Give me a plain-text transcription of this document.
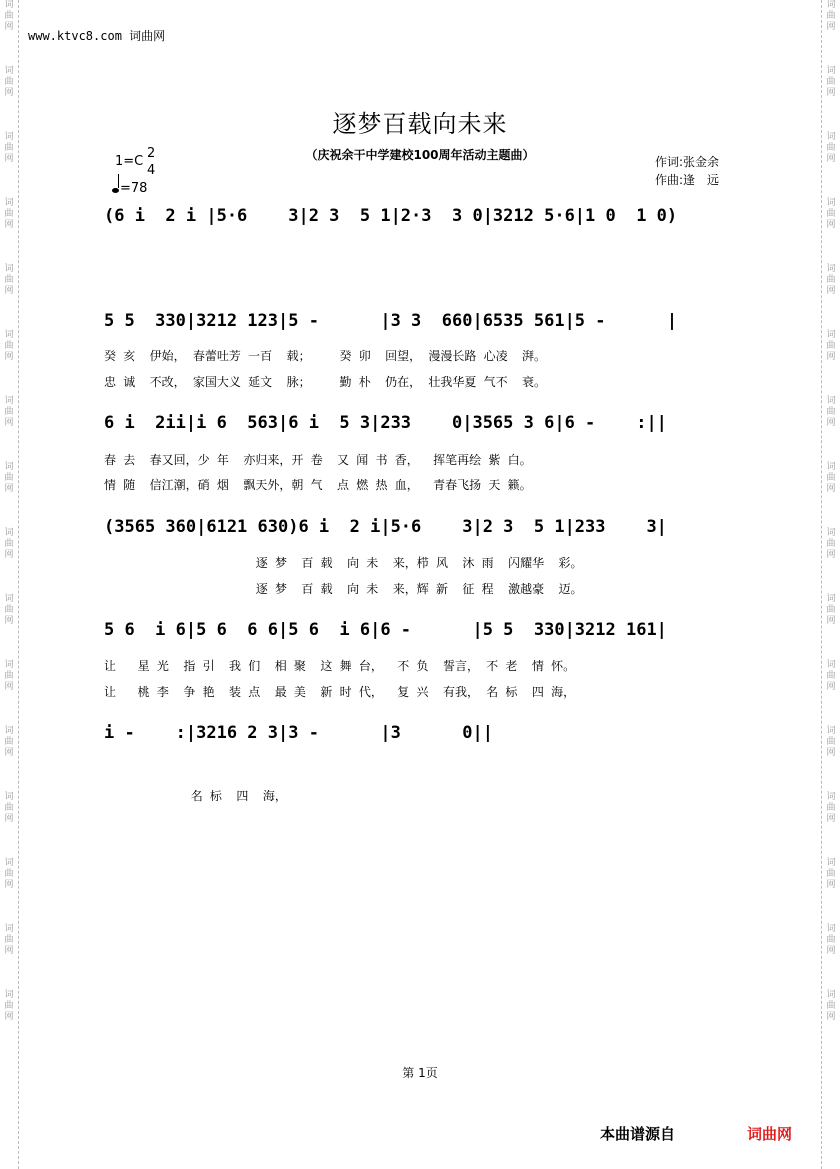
词
曲
网

词
曲
网

词
曲
网

词
曲
网

词
曲
网

词
曲
网

词
曲
网

词
曲
网

词
曲
网

词
曲
网

词
曲
网

词
曲
网

词
曲
网

词
曲
网

词
曲
网

词
曲
网
词
曲
网

词
曲
网

词
曲
网

词
曲
网

词
曲
网

词
曲
网

词
曲
网

词
曲
网

词
曲
网

词
曲
网

词
曲
网

词
曲
网

词
曲
网

词
曲
网

词
曲
网

词
曲
网
www.ktvc8.com 词曲网
逐梦百载向未来
（庆祝余干中学建校100周年活动主题曲）
1=C
2
4
=78
作词:张金余
作曲:逢　远
(6 i  2 i |5·6    3|2 3  5 1|2·3  3 0|3212 5·6|1 0  1 0)
5 5  330|3212 123|5 -      |3 3  660|6535 561|5 -      |
癸 亥  伊始， 春蕾吐芳 一百  载；    癸 卯  回望， 漫漫长路 心凌  湃。
忠 诚  不改， 家国大义 延文  脉；    勤 朴  仍在， 壮我华夏 气不  衰。
6 i  2ii|i 6  563|6 i  5 3|233    0|3565 3 6|6 -    :||
春 去  春又回，少 年  亦归来，开 卷  又 闻 书 香，  挥笔再绘 紫 白。
情 随  信江潮，硝 烟  飘天外，朝 气  点 燃 热 血，  青春飞扬 天 籁。
(3565 360|6121 630)6 i  2 i|5·6    3|2 3  5 1|233    3|
逐 梦  百 载  向 未  来，栉 风  沐 雨  闪耀华  彩。
逐 梦  百 载  向 未  来，辉 新  征 程  激越豪  迈。
5 6  i 6|5 6  6 6|5 6  i 6|6 -      |5 5  330|3212 161|
让   星 光  指 引  我 们  相 聚  这 舞 台，  不 负  誓言， 不 老  情 怀。
让   桃 李  争 艳  装 点  最 美  新 时 代，  复 兴  有我， 名 标  四 海，
i -    :|3216 2 3|3 -      |3      0||
名 标  四  海，
第 1页
本曲谱源自	词曲网
